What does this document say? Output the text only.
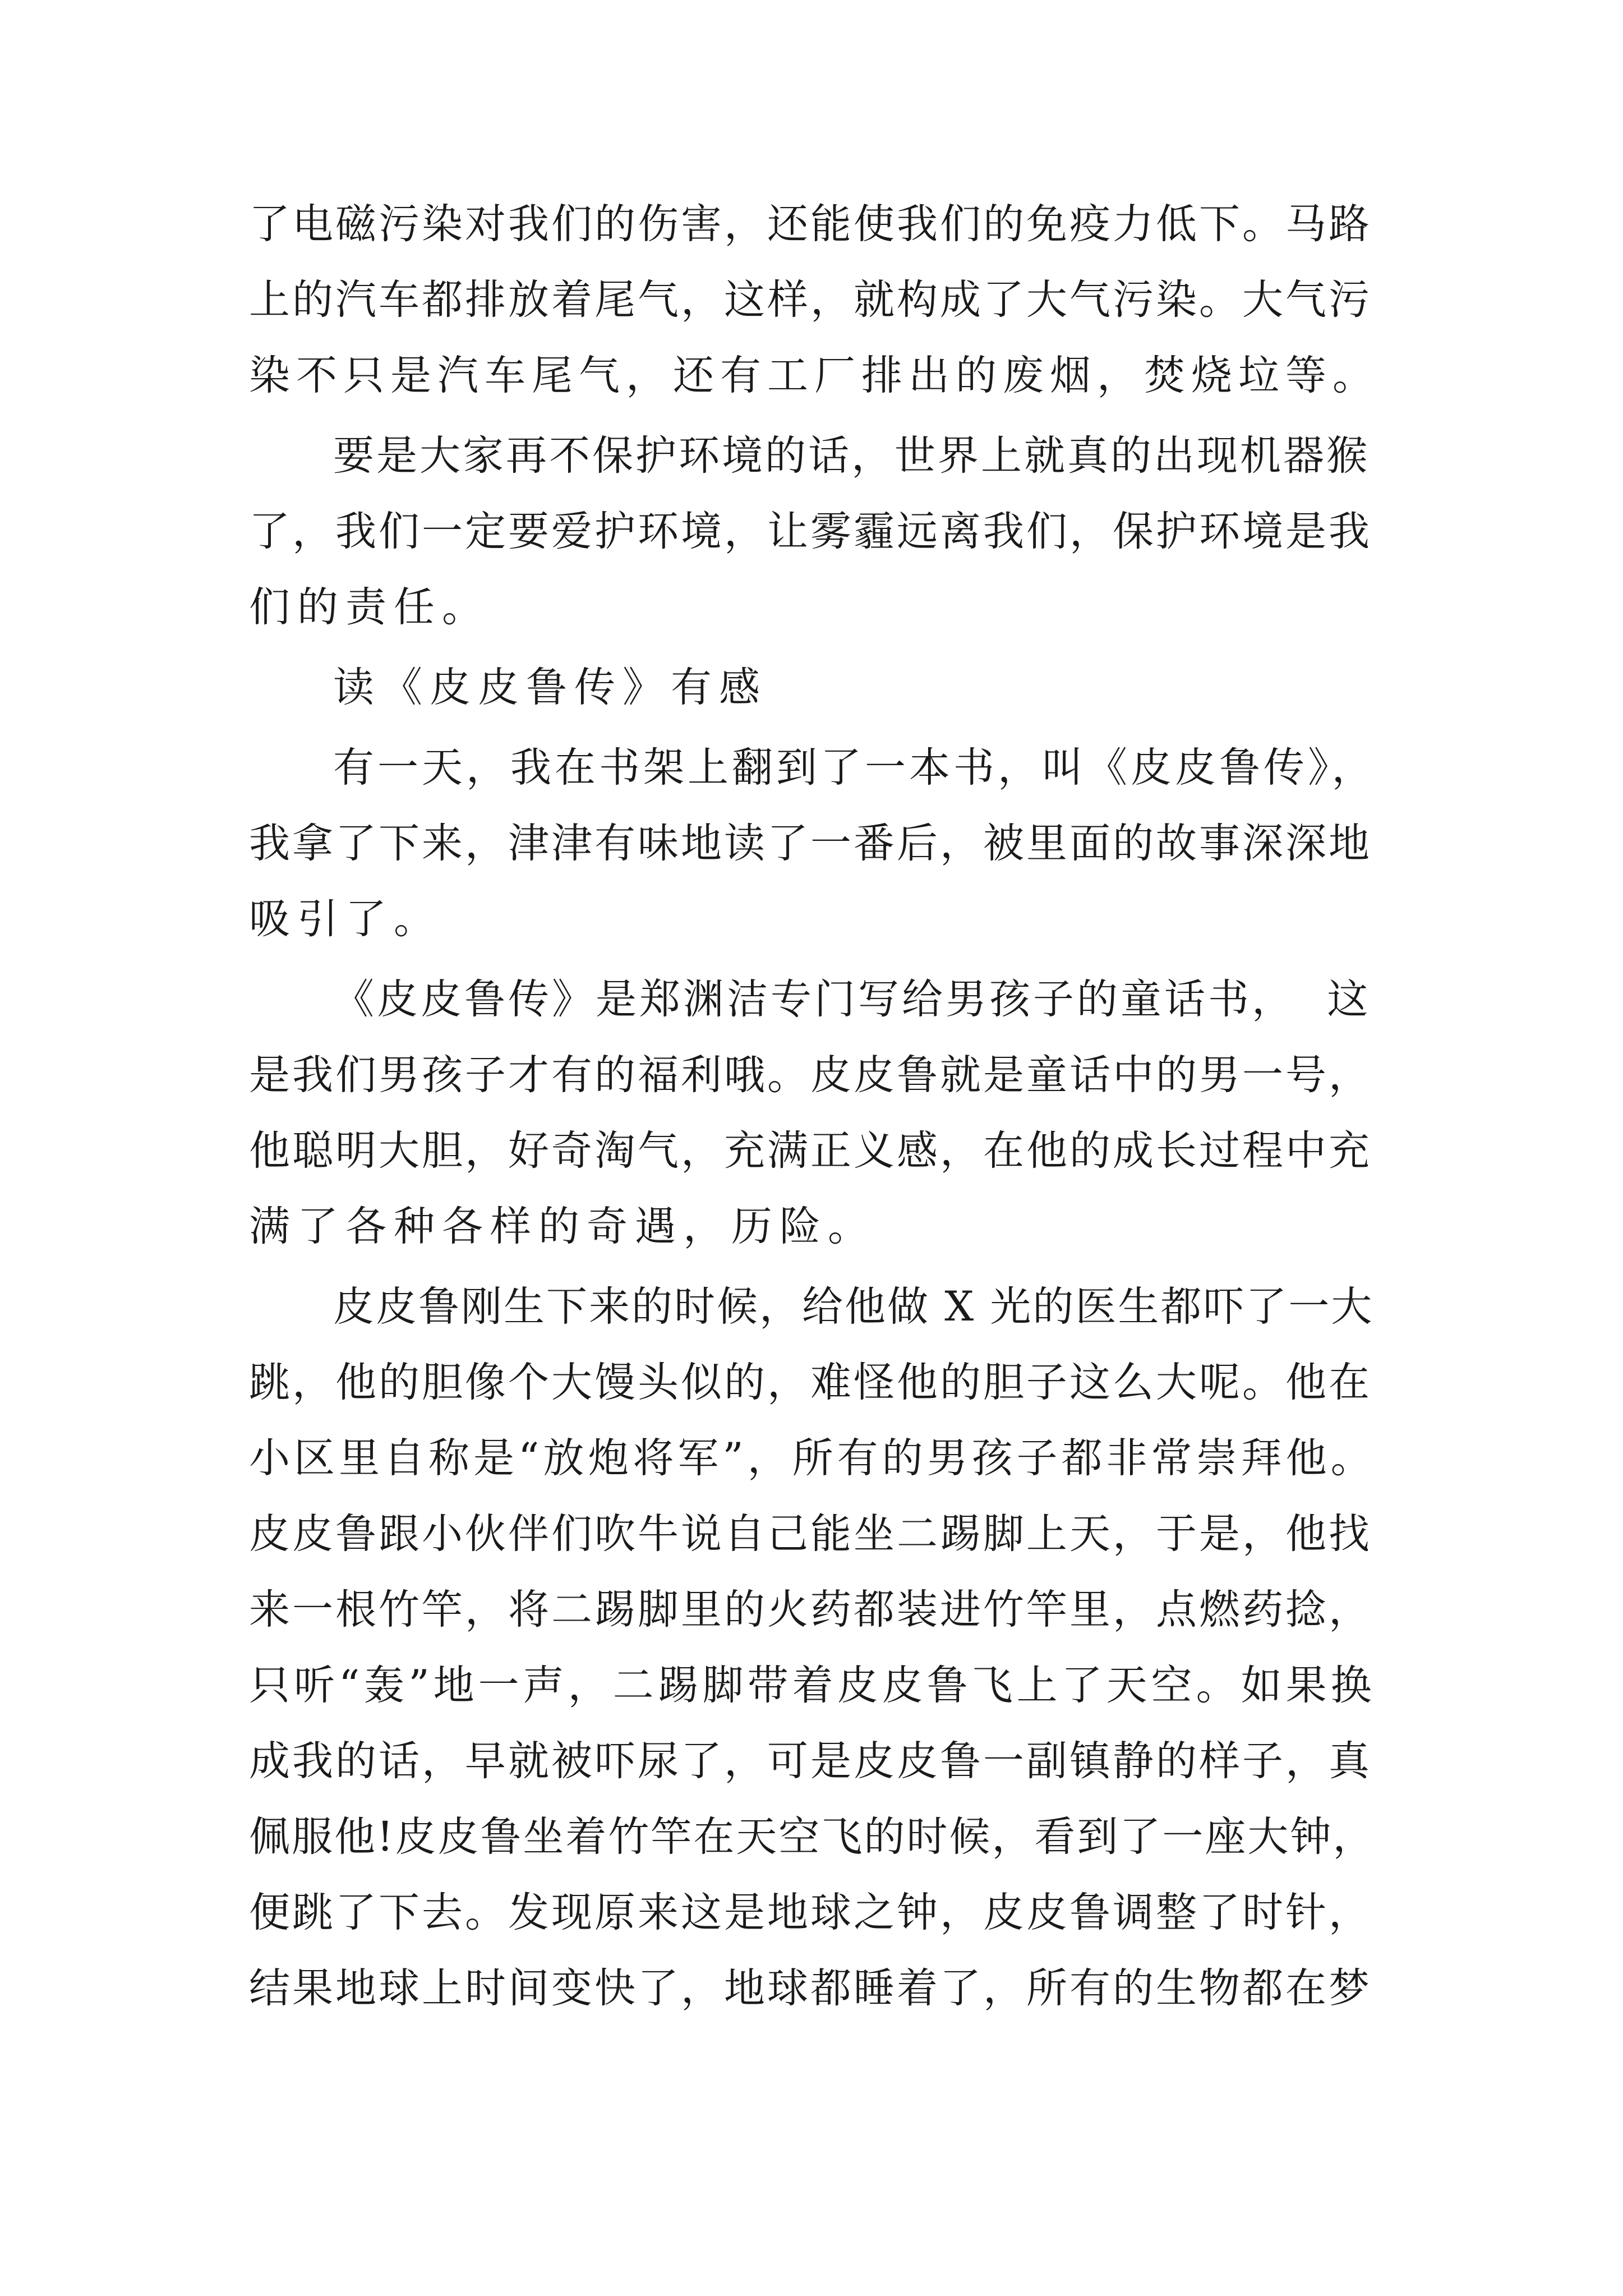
了电磁污染对我们的伤害，还能使我们的免疫力低下。马路
上的汽车都排放着尾气，这样，就构成了大气污染。大气污
染不只是汽车尾气，还有工厂排出的废烟，焚烧垃等。
要是大家再不保护环境的话，世界上就真的出现机器猴
了，我们一定要爱护环境，让雾霾远离我们，保护环境是我
们的责任。
读《皮皮鲁传》有感
有一天，我在书架上翻到了一本书，叫《皮皮鲁传》，
我拿了下来，津津有味地读了一番后，被里面的故事深深地
吸引了。
《皮皮鲁传》是郑渊洁专门写给男孩子的童话书，  这
是我们男孩子才有的福利哦。皮皮鲁就是童话中的男一号，
他聪明大胆，好奇淘气，充满正义感，在他的成长过程中充
满了各种各样的奇遇，历险。
皮皮鲁刚生下来的时候，给他做 X 光的医生都吓了一大
跳，他的胆像个大馒头似的，难怪他的胆子这么大呢。他在
小区里自称是“放炮将军”，所有的男孩子都非常崇拜他。
皮皮鲁跟小伙伴们吹牛说自己能坐二踢脚上天，于是，他找
来一根竹竿，将二踢脚里的火药都装进竹竿里，点燃药捻，
只听“轰”地一声，二踢脚带着皮皮鲁飞上了天空。如果换
成我的话，早就被吓尿了，可是皮皮鲁一副镇静的样子，真
佩服他!皮皮鲁坐着竹竿在天空飞的时候，看到了一座大钟，
便跳了下去。发现原来这是地球之钟，皮皮鲁调整了时针，
结果地球上时间变快了，地球都睡着了，所有的生物都在梦
